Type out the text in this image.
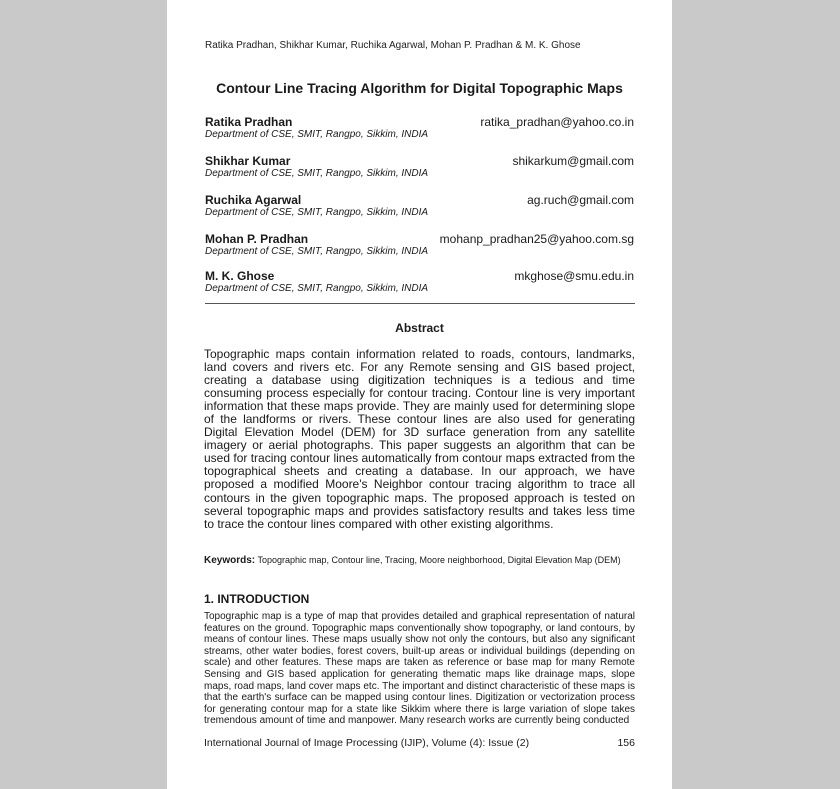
Ratika Pradhan, Shikhar Kumar, Ruchika Agarwal, Mohan P. Pradhan & M. K. Ghose
Contour Line Tracing Algorithm for Digital Topographic Maps
Ratika Pradhan	ratika_pradhan@yahoo.co.in
Department of CSE, SMIT, Rangpo, Sikkim, INDIA
Shikhar Kumar	shikarkum@gmail.com
Department of CSE, SMIT, Rangpo, Sikkim, INDIA
Ruchika Agarwal	ag.ruch@gmail.com
Department of CSE, SMIT, Rangpo, Sikkim, INDIA
Mohan P. Pradhan	mohanp_pradhan25@yahoo.com.sg
Department of CSE, SMIT, Rangpo, Sikkim, INDIA
M. K. Ghose	mkghose@smu.edu.in
Department of CSE, SMIT, Rangpo, Sikkim, INDIA
Abstract
Topographic maps contain information related to roads, contours, landmarks, land covers and rivers etc. For any Remote sensing and GIS based project, creating a database using digitization techniques is a tedious and time consuming process especially for contour tracing. Contour line is very important information that these maps provide. They are mainly used for determining slope of the landforms or rivers. These contour lines are also used for generating Digital Elevation Model (DEM) for 3D surface generation from any satellite imagery or aerial photographs. This paper suggests an algorithm that can be used for tracing contour lines automatically from contour maps extracted from the topographical sheets and creating a database. In our approach, we have proposed a modified Moore's Neighbor contour tracing algorithm to trace all contours in the given topographic maps. The proposed approach is tested on several topographic maps and provides satisfactory results and takes less time to trace the contour lines compared with other existing algorithms.
Keywords: Topographic map, Contour line, Tracing, Moore neighborhood, Digital Elevation Map (DEM)
1. INTRODUCTION
Topographic map is a type of map that provides detailed and graphical representation of natural features on the ground. Topographic maps conventionally show topography, or land contours, by means of contour lines. These maps usually show not only the contours, but also any significant streams, other water bodies, forest covers, built-up areas or individual buildings (depending on scale) and other features. These maps are taken as reference or base map for many Remote Sensing and GIS based application for generating thematic maps like drainage maps, slope maps, road maps, land cover maps etc. The important and distinct characteristic of these maps is that the earth's surface can be mapped using contour lines. Digitization or vectorization process for generating contour map for a state like Sikkim where there is large variation of slope takes tremendous amount of time and manpower. Many research works are currently being conducted
International Journal of Image Processing (IJIP), Volume (4): Issue (2)	156
